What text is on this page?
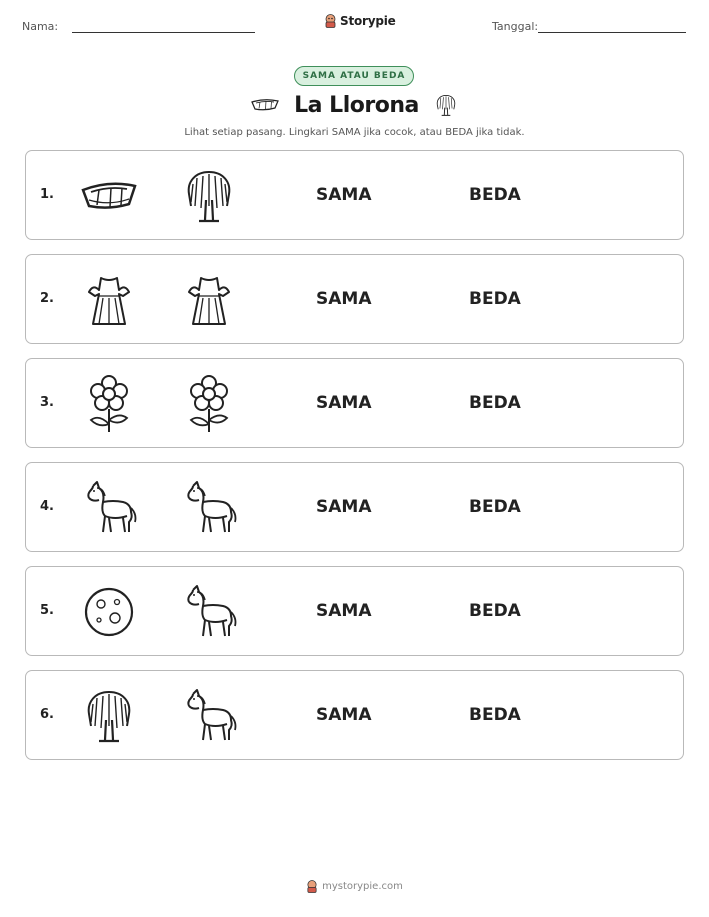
Nama:	Storypie	Tanggal:
SAMA ATAU BEDA
La Llorona
Lihat setiap pasang. Lingkari SAMA jika cocok, atau BEDA jika tidak.
1.	SAMA	BEDA
2.	SAMA	BEDA
3.	SAMA	BEDA
4.	SAMA	BEDA
5.	SAMA	BEDA
6.	SAMA	BEDA
mystorypie.com
